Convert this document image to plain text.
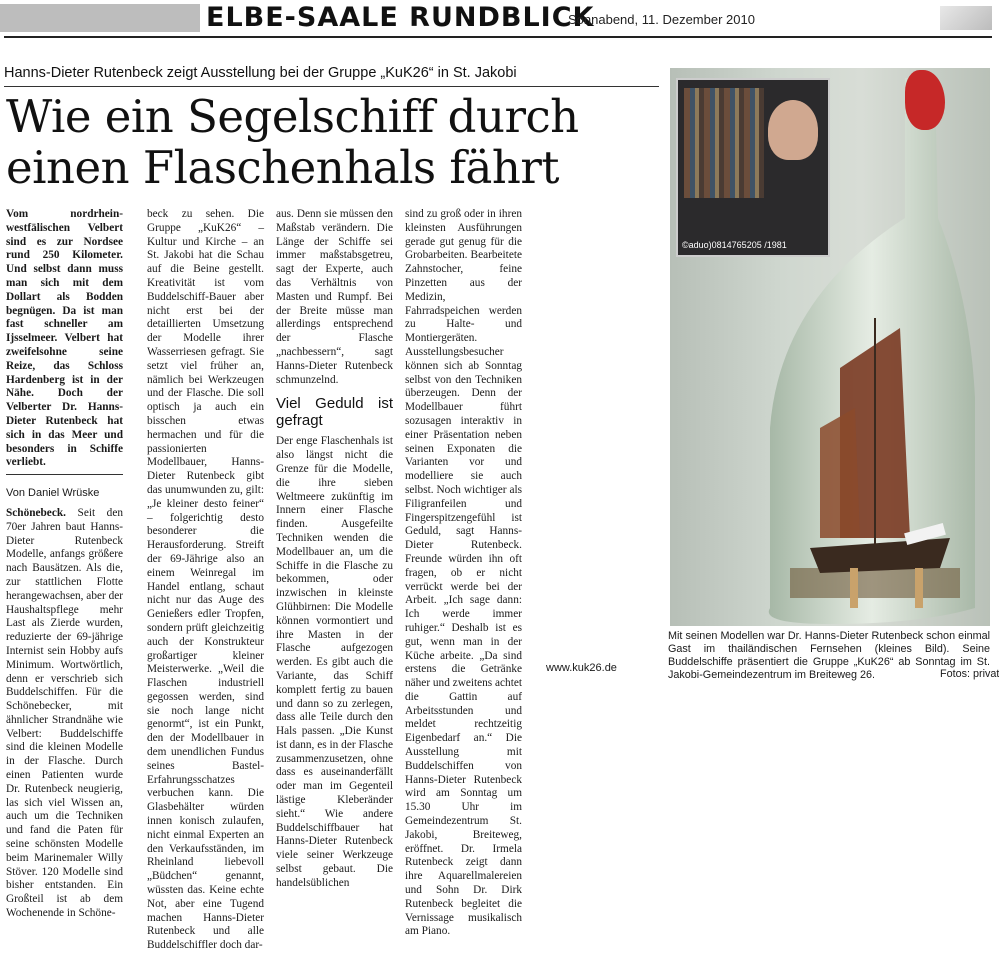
ELBE-SAALE RUNDBLICK
Sonnabend, 11. Dezember 2010
Hanns-Dieter Rutenbeck zeigt Ausstellung bei der Gruppe „KuK26“ in St. Jakobi
Wie ein Segelschiff durch einen Flaschenhals fährt

Vom nordrhein-westfälischen Velbert sind es zur Nordsee rund 250 Kilometer. Und selbst dann muss man sich mit dem Dollart als Bodden begnügen. Da ist man fast schneller am Ijsselmeer. Velbert hat zweifelsohne seine Reize, das Schloss Hardenberg ist in der Nähe. Doch der Velberter Dr. Hanns-Dieter Rutenbeck hat sich in das Meer und besonders in Schiffe verliebt.

Von Daniel Wrüske

Schönebeck. Seit den 70er Jahren baut Hanns-Dieter Rutenbeck Modelle, anfangs größere nach Bausätzen. Als die, zur stattlichen Flotte herangewachsen, aber der Haushaltspflege mehr Last als Zierde wurden, reduzierte der 69-jährige Internist sein Hobby aufs Minimum. Wortwörtlich, denn er verschrieb sich Buddelschiffen. Für die Schönebecker, mit ähnlicher Strandnähe wie Velbert: Buddelschiffe sind die kleinen Modelle in der Flasche. Durch einen Patienten wurde Dr. Rutenbeck neugierig, las sich viel Wissen an, auch um die Techniken und fand die Paten für seine schönsten Modelle beim Marinemaler Willy Stöver. 120 Modelle sind bisher entstanden. Ein Großteil ist ab dem Wochenende in Schöne-

beck zu sehen. Die Gruppe „KuK26“ – Kultur und Kirche – an St. Jakobi hat die Schau auf die Beine gestellt. Kreativität ist vom Buddelschiff-Bauer aber nicht erst bei der detaillierten Umsetzung der Modelle ihrer Wasserriesen gefragt. Sie setzt viel früher an, nämlich bei Werkzeugen und der Flasche. Die soll optisch ja auch ein bisschen etwas hermachen und für die passionierten Modellbauer, Hanns-Dieter Rutenbeck gibt das unumwunden zu, gilt: „Je kleiner desto feiner“ – folgerichtig desto besonderer die Herausforderung. Streift der 69-Jährige also an einem Weinregal im Handel entlang, schaut nicht nur das Auge des Genießers edler Tropfen, sondern prüft gleichzeitig auch der Konstrukteur großartiger kleiner Meisterwerke. „Weil die Flaschen industriell gegossen werden, sind sie noch lange nicht genormt“, ist ein Punkt, den der Modellbauer in dem unendlichen Fundus seines Bastel-Erfahrungsschatzes verbuchen kann. Die Glasbehälter würden innen konisch zulaufen, nicht einmal Experten an den Verkaufsständen, im Rheinland liebevoll „Büdchen“ genannt, wüssten das. Keine echte Not, aber eine Tugend machen Hanns-Dieter Rutenbeck und alle Buddelschiffler doch dar-

aus. Denn sie müssen den Maßstab verändern. Die Länge der Schiffe sei immer maßstabsgetreu, sagt der Experte, auch das Verhältnis von Masten und Rumpf. Bei der Breite müsse man allerdings entsprechend der Flasche „nachbessern“, sagt Hanns-Dieter Rutenbeck schmunzelnd.

Viel Geduld ist gefragt

Der enge Flaschenhals ist also längst nicht die Grenze für die Modelle, die ihre sieben Weltmeere zukünftig im Innern einer Flasche finden. Ausgefeilte Techniken wenden die Modellbauer an, um die Schiffe in die Flasche zu bekommen, oder inzwischen in kleinste Glühbirnen: Die Modelle können vormontiert und ihre Masten in der Flasche aufgezogen werden. Es gibt auch die Variante, das Schiff komplett fertig zu bauen und dann so zu zerlegen, dass alle Teile durch den Hals passen. „Die Kunst ist dann, es in der Flasche zusammenzusetzen, ohne dass es auseinanderfällt oder man im Gegenteil lästige Kleberänder sieht.“ Wie andere Buddelschiffbauer hat Hanns-Dieter Rutenbeck viele seiner Werkzeuge selbst gebaut. Die handelsüblichen

sind zu groß oder in ihren kleinsten Ausführungen gerade gut genug für die Grobarbeiten. Bearbeitete Zahnstocher, feine Pinzetten aus der Medizin, Fahrradspeichen werden zu Halte- und Montiergeräten. Ausstellungsbesucher können sich ab Sonntag selbst von den Techniken überzeugen. Denn der Modellbauer führt sozusagen interaktiv in einer Präsentation neben seinen Exponaten die Varianten vor und modelliere sie auch selbst. Noch wichtiger als Filigranfeilen und Fingerspitzengefühl ist Geduld, sagt Hanns-Dieter Rutenbeck. Freunde würden ihn oft fragen, ob er nicht verrückt werde bei der Arbeit. „Ich sage dann: Ich werde immer ruhiger.“ Deshalb ist es gut, wenn man in der Küche arbeite. „Da sind erstens die Getränke näher und zweitens achtet die Gattin auf Arbeitsstunden und meldet rechtzeitig Eigenbedarf an.“ Die Ausstellung mit Buddelschiffen von Hanns-Dieter Rutenbeck wird am Sonntag um 15.30 Uhr im Gemeindezentrum St. Jakobi, Breiteweg, eröffnet. Dr. Irmela Rutenbeck zeigt dann ihre Aquarellmalereien und Sohn Dr. Dirk Rutenbeck begleitet die Vernissage musikalisch am Piano.

www.kuk26.de
©aduo)0814765205 /1981
Mit seinen Modellen war Dr. Hanns-Dieter Rutenbeck schon einmal Gast im thailändischen Fernsehen (kleines Bild). Seine Buddelschiffe präsentiert die Gruppe „KuK26“ ab Sonntag im St. Jakobi-Gemeindezentrum im Breiteweg 26.	Fotos: privat
